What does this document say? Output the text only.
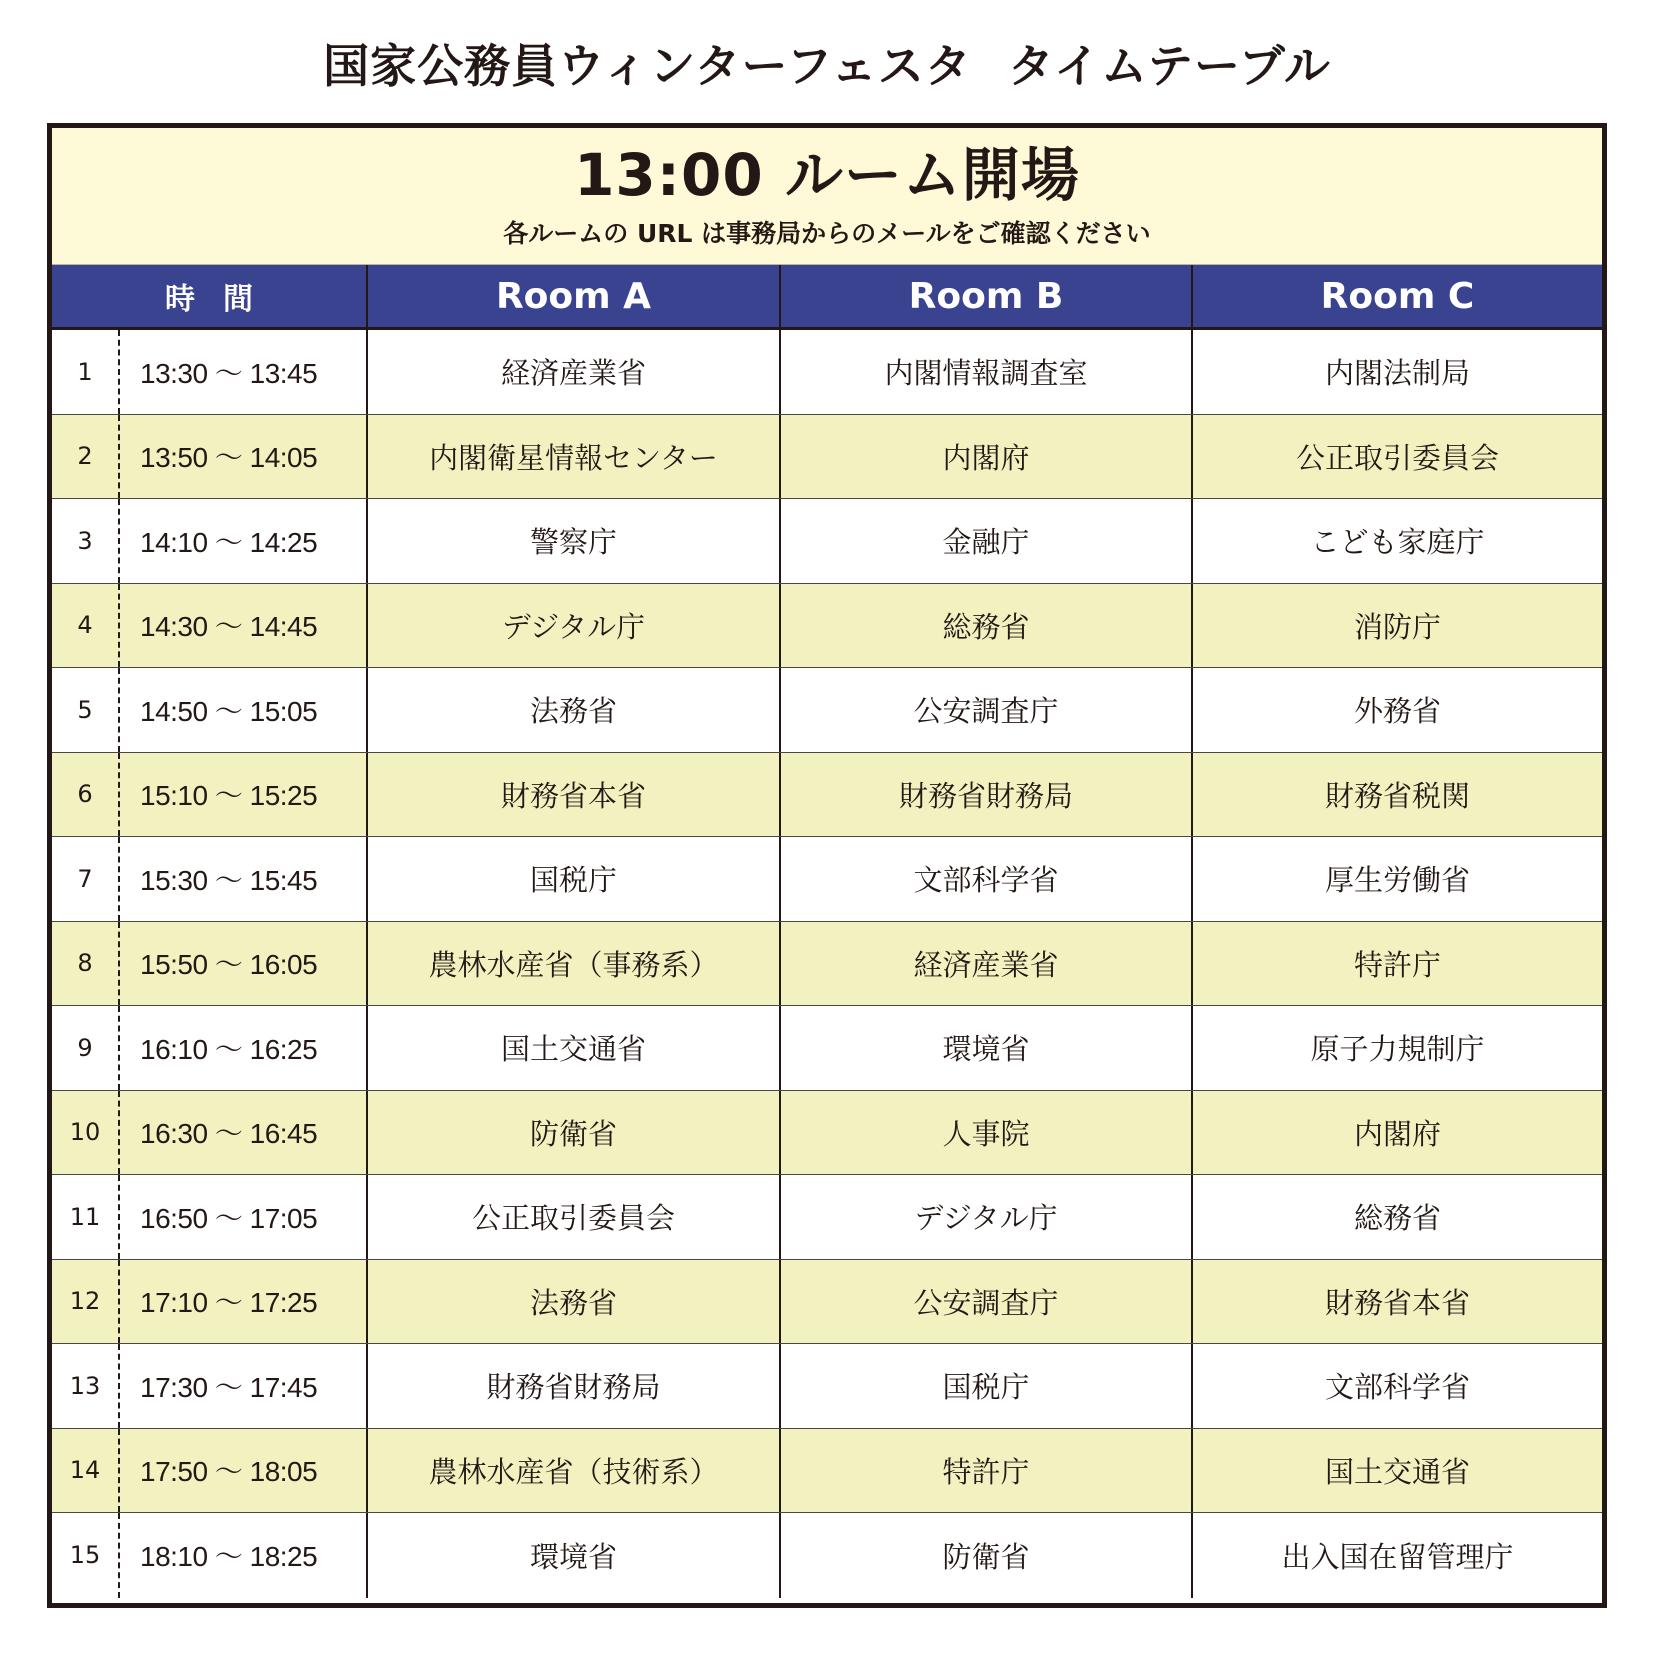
国家公務員ウィンターフェスタ タイムテーブル
13:00 ルーム開場
各ルームの URL は事務局からのメールをご確認ください
時間	Room A	Room B	Room C
1	13:30 〜 13:45	経済産業省	内閣情報調査室	内閣法制局
2	13:50 〜 14:05	内閣衛星情報センター	内閣府	公正取引委員会
3	14:10 〜 14:25	警察庁	金融庁	こども家庭庁
4	14:30 〜 14:45	デジタル庁	総務省	消防庁
5	14:50 〜 15:05	法務省	公安調査庁	外務省
6	15:10 〜 15:25	財務省本省	財務省財務局	財務省税関
7	15:30 〜 15:45	国税庁	文部科学省	厚生労働省
8	15:50 〜 16:05	農林水産省（事務系）	経済産業省	特許庁
9	16:10 〜 16:25	国土交通省	環境省	原子力規制庁
10	16:30 〜 16:45	防衛省	人事院	内閣府
11	16:50 〜 17:05	公正取引委員会	デジタル庁	総務省
12	17:10 〜 17:25	法務省	公安調査庁	財務省本省
13	17:30 〜 17:45	財務省財務局	国税庁	文部科学省
14	17:50 〜 18:05	農林水産省（技術系）	特許庁	国土交通省
15	18:10 〜 18:25	環境省	防衛省	出入国在留管理庁
